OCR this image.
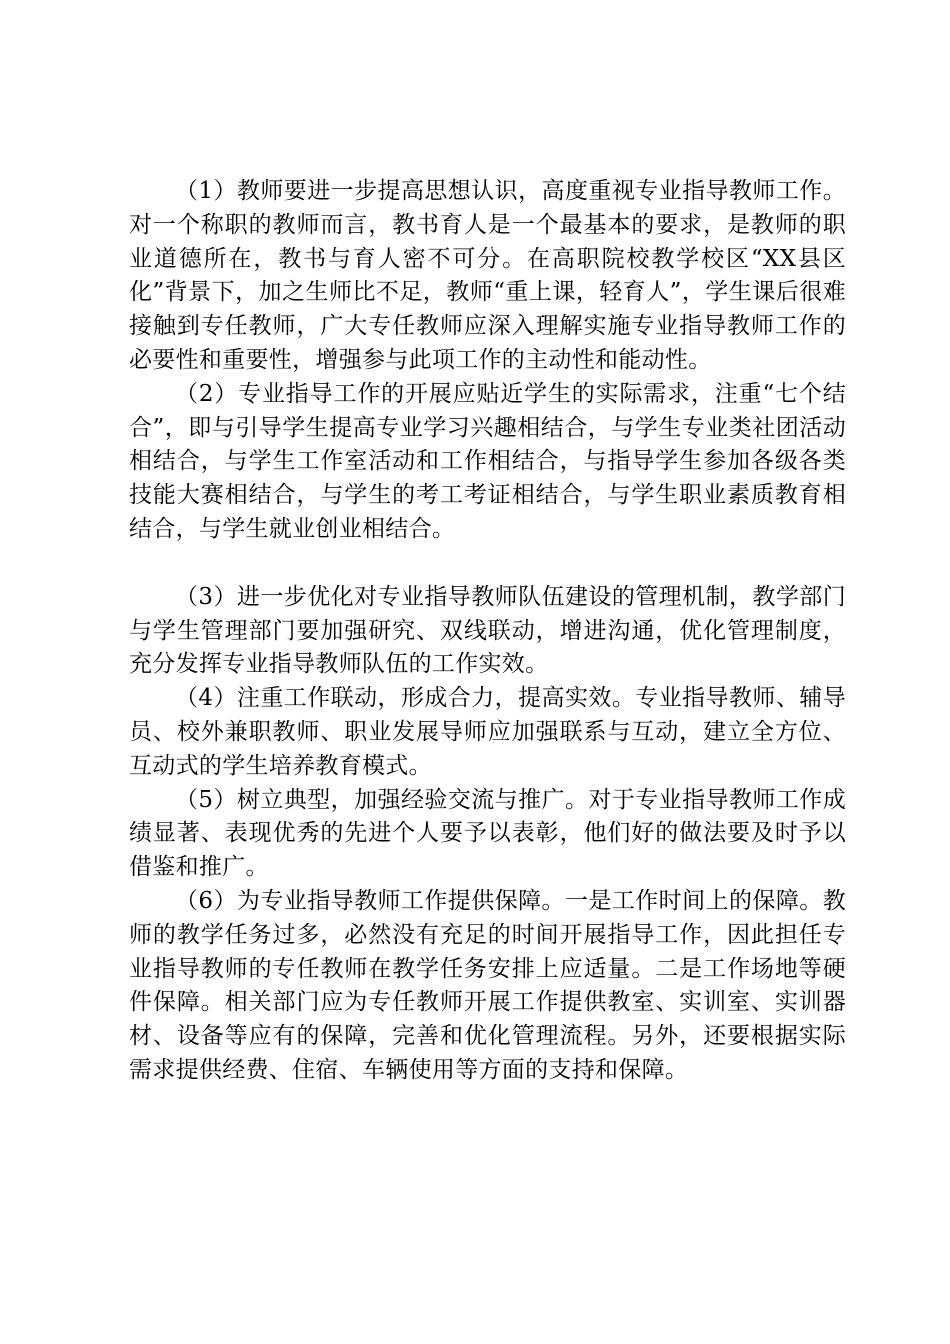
（1）教师要进一步提高思想认识，高度重视专业指导教师工作。对一个称职的教师而言，教书育人是一个最基本的要求，是教师的职业道德所在，教书与育人密不可分。在高职院校教学校区“XX县区化”背景下，加之生师比不足，教师“重上课，轻育人”，学生课后很难接触到专任教师，广大专任教师应深入理解实施专业指导教师工作的必要性和重要性，增强参与此项工作的主动性和能动性。

（2）专业指导工作的开展应贴近学生的实际需求，注重“七个结合”，即与引导学生提高专业学习兴趣相结合，与学生专业类社团活动相结合，与学生工作室活动和工作相结合，与指导学生参加各级各类技能大赛相结合，与学生的考工考证相结合，与学生职业素质教育相结合，与学生就业创业相结合。

（3）进一步优化对专业指导教师队伍建设的管理机制，教学部门与学生管理部门要加强研究、双线联动，增进沟通，优化管理制度，充分发挥专业指导教师队伍的工作实效。

（4）注重工作联动，形成合力，提高实效。专业指导教师、辅导员、校外兼职教师、职业发展导师应加强联系与互动，建立全方位、互动式的学生培养教育模式。

（5）树立典型，加强经验交流与推广。对于专业指导教师工作成绩显著、表现优秀的先进个人要予以表彰，他们好的做法要及时予以借鉴和推广。

（6）为专业指导教师工作提供保障。一是工作时间上的保障。教师的教学任务过多，必然没有充足的时间开展指导工作，因此担任专业指导教师的专任教师在教学任务安排上应适量。二是工作场地等硬件保障。相关部门应为专任教师开展工作提供教室、实训室、实训器材、设备等应有的保障，完善和优化管理流程。另外，还要根据实际需求提供经费、住宿、车辆使用等方面的支持和保障。
